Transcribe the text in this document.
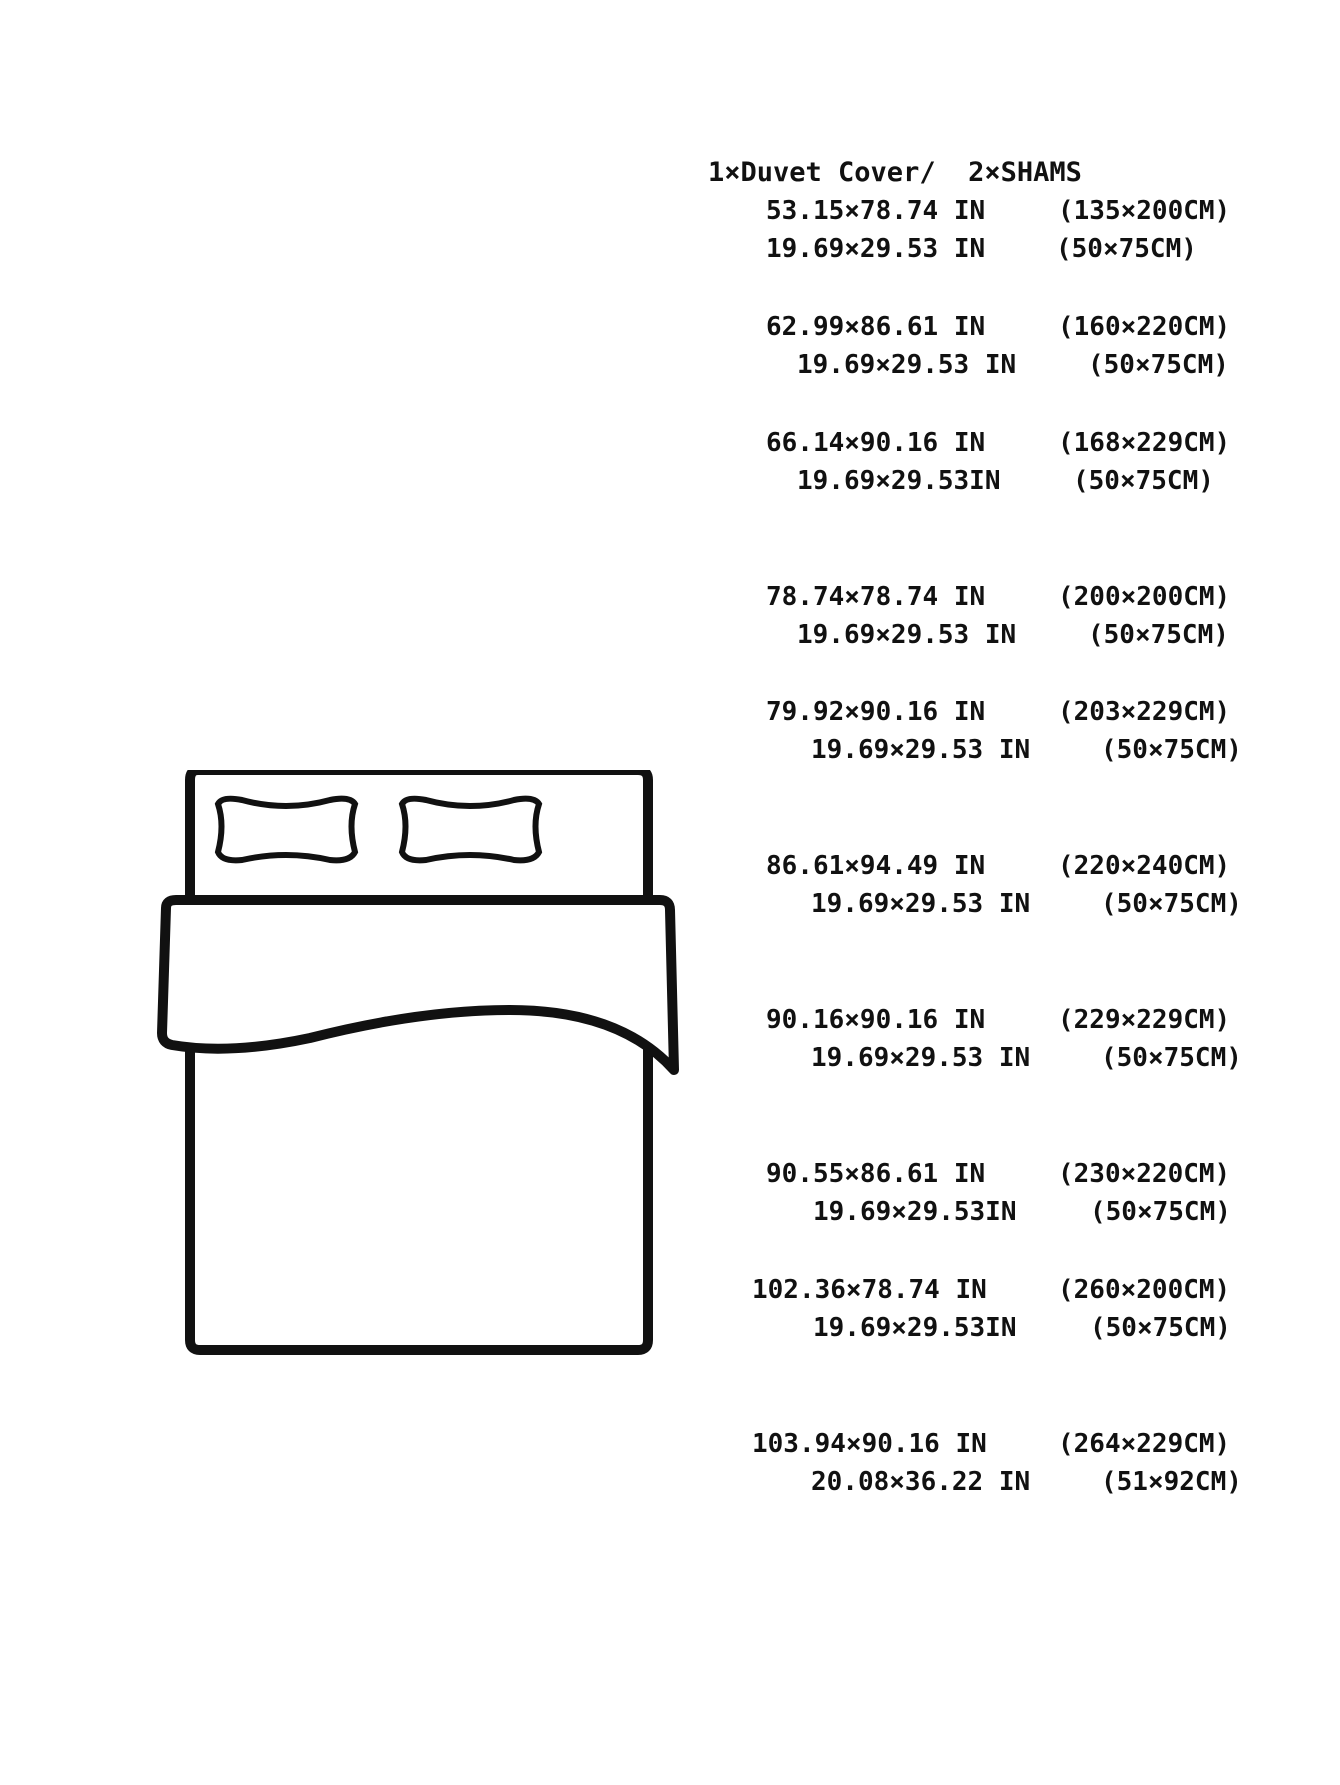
1×Duvet Cover/  2×SHAMS
53.15×78.74 IN	(135×200CM)
19.69×29.53 IN	(50×75CM)
62.99×86.61 IN	(160×220CM)
19.69×29.53 IN	(50×75CM)
66.14×90.16 IN	(168×229CM)
19.69×29.53IN	(50×75CM)
78.74×78.74 IN	(200×200CM)
19.69×29.53 IN	(50×75CM)
79.92×90.16 IN	(203×229CM)
19.69×29.53 IN	(50×75CM)
86.61×94.49 IN	(220×240CM)
19.69×29.53 IN	(50×75CM)
90.16×90.16 IN	(229×229CM)
19.69×29.53 IN	(50×75CM)
90.55×86.61 IN	(230×220CM)
19.69×29.53IN	(50×75CM)
102.36×78.74 IN	(260×200CM)
19.69×29.53IN	(50×75CM)
103.94×90.16 IN	(264×229CM)
20.08×36.22 IN	(51×92CM)
